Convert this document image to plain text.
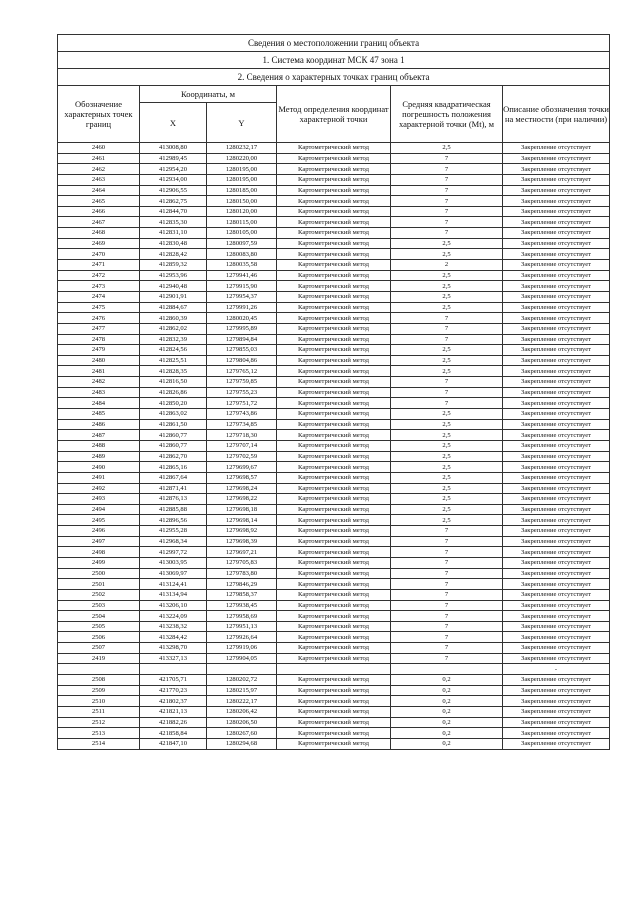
Сведения о местоположении границ объекта					
1. Система координат МСК 47 зона 1					
2. Сведения о характерных точках границ объекта					
Обозначение характерных точек границ	Координаты, м		Метод определения координат характерной точки	Средняя квадратическая погрешность положения характерной точки (Mt), м	Описание обозначения точки на местности (при наличии)
	X	Y			
2460	413008,80	1280232,17	Картометрический метод	2,5	Закрепление отсутствует
2461	412989,45	1280220,00	Картометрический метод	7	Закрепление отсутствует
2462	412954,20	1280195,00	Картометрический метод	7	Закрепление отсутствует
2463	412934,00	1280195,00	Картометрический метод	7	Закрепление отсутствует
2464	412906,55	1280185,00	Картометрический метод	7	Закрепление отсутствует
2465	412862,75	1280150,00	Картометрический метод	7	Закрепление отсутствует
2466	412844,70	1280120,00	Картометрический метод	7	Закрепление отсутствует
2467	412835,30	1280115,00	Картометрический метод	7	Закрепление отсутствует
2468	412831,10	1280105,00	Картометрический метод	7	Закрепление отсутствует
2469	412830,48	1280097,59	Картометрический метод	2,5	Закрепление отсутствует
2470	412828,42	1280083,80	Картометрический метод	2,5	Закрепление отсутствует
2471	412859,32	1280035,58	Картометрический метод	2	Закрепление отсутствует
2472	412953,96	1279941,46	Картометрический метод	2,5	Закрепление отсутствует
2473	412940,48	1279915,90	Картометрический метод	2,5	Закрепление отсутствует
2474	412901,91	1279954,37	Картометрический метод	2,5	Закрепление отсутствует
2475	412884,67	1279991,26	Картометрический метод	2,5	Закрепление отсутствует
2476	412860,39	1280020,45	Картометрический метод	7	Закрепление отсутствует
2477	412862,02	1279995,89	Картометрический метод	7	Закрепление отсутствует
2478	412832,39	1279894,84	Картометрический метод	7	Закрепление отсутствует
2479	412824,56	1279855,03	Картометрический метод	2,5	Закрепление отсутствует
2480	412825,51	1279804,86	Картометрический метод	2,5	Закрепление отсутствует
2481	412828,35	1279765,12	Картометрический метод	2,5	Закрепление отсутствует
2482	412816,50	1279759,85	Картометрический метод	7	Закрепление отсутствует
2483	412826,86	1279755,23	Картометрический метод	7	Закрепление отсутствует
2484	412850,20	1279751,72	Картометрический метод	7	Закрепление отсутствует
2485	412863,02	1279743,86	Картометрический метод	2,5	Закрепление отсутствует
2486	412861,50	1279734,85	Картометрический метод	2,5	Закрепление отсутствует
2487	412860,77	1279718,30	Картометрический метод	2,5	Закрепление отсутствует
2488	412860,77	1279707,14	Картометрический метод	2,5	Закрепление отсутствует
2489	412862,70	1279702,59	Картометрический метод	2,5	Закрепление отсутствует
2490	412865,16	1279699,67	Картометрический метод	2,5	Закрепление отсутствует
2491	412867,64	1279698,57	Картометрический метод	2,5	Закрепление отсутствует
2492	412871,41	1279698,24	Картометрический метод	2,5	Закрепление отсутствует
2493	412876,13	1279698,22	Картометрический метод	2,5	Закрепление отсутствует
2494	412885,88	1279698,18	Картометрический метод	2,5	Закрепление отсутствует
2495	412896,56	1279698,14	Картометрический метод	2,5	Закрепление отсутствует
2496	412955,28	1279698,92	Картометрический метод	7	Закрепление отсутствует
2497	412968,34	1279698,39	Картометрический метод	7	Закрепление отсутствует
2498	412997,72	1279697,21	Картометрический метод	7	Закрепление отсутствует
2499	413003,95	1279705,83	Картометрический метод	7	Закрепление отсутствует
2500	413069,97	1279783,80	Картометрический метод	7	Закрепление отсутствует
2501	413124,41	1279846,29	Картометрический метод	7	Закрепление отсутствует
2502	413134,94	1279858,37	Картометрический метод	7	Закрепление отсутствует
2503	413206,10	1279938,45	Картометрический метод	7	Закрепление отсутствует
2504	413224,09	1279958,69	Картометрический метод	7	Закрепление отсутствует
2505	413238,32	1279951,13	Картометрический метод	7	Закрепление отсутствует
2506	413284,42	1279926,64	Картометрический метод	7	Закрепление отсутствует
2507	413298,70	1279919,06	Картометрический метод	7	Закрепление отсутствует
2419	413327,13	1279904,05	Картометрический метод	7	Закрепление отсутствует
					-
2508	421705,71	1280202,72	Картометрический метод	0,2	Закрепление отсутствует
2509	421770,23	1280215,97	Картометрический метод	0,2	Закрепление отсутствует
2510	421802,37	1280222,17	Картометрический метод	0,2	Закрепление отсутствует
2511	421821,13	1280206,42	Картометрический метод	0,2	Закрепление отсутствует
2512	421882,26	1280206,50	Картометрический метод	0,2	Закрепление отсутствует
2513	421858,84	1280267,60	Картометрический метод	0,2	Закрепление отсутствует
2514	421847,10	1280294,68	Картометрический метод	0,2	Закрепление отсутствует
